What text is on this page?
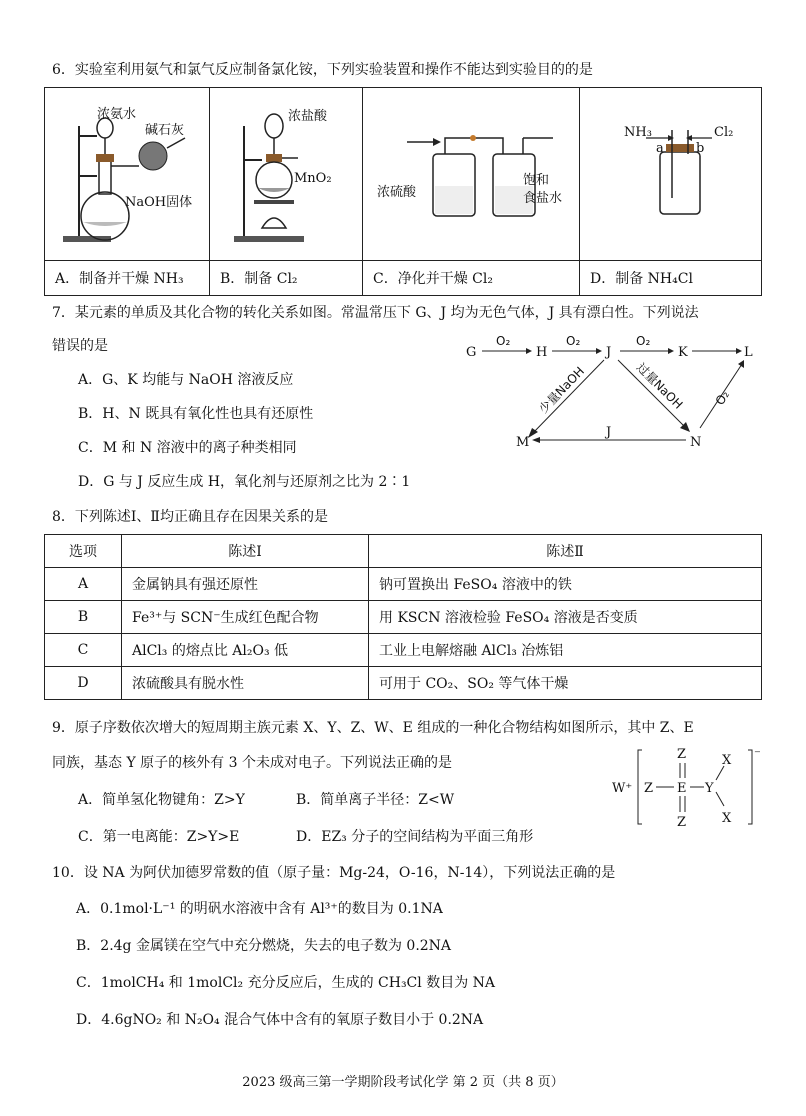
6．实验室利用氨气和氯气反应制备氯化铵，下列实验装置和操作不能达到实验目的的是
浓氨水
碱石灰
NaOH固体	浓盐酸
MnO₂	浓硫酸
饱和
食盐水	NH₃ Cl₂
a b

A．制备并干燥 NH₃	B．制备 Cl₂	C．净化并干燥 Cl₂	D．制备 NH₄Cl
7．某元素的单质及其化合物的转化关系如图。常温常压下 G、J 均为无色气体，J 具有漂白性。下列说法
错误的是
A．G、K 均能与 NaOH 溶液反应
B．H、N 既具有氧化性也具有还原性
C．M 和 N 溶液中的离子种类相同
D．G 与 J 反应生成 H，氧化剂与还原剂之比为 2∶1
G
O₂
H
O₂
J
O₂
K	L
少量NaOH	过量NaOH O₂
J
M	N
8．下列陈述Ⅰ、Ⅱ均正确且存在因果关系的是
选项	陈述Ⅰ	陈述Ⅱ
A	金属钠具有强还原性	钠可置换出 FeSO₄ 溶液中的铁
B	Fe³⁺与 SCN⁻生成红色配合物	用 KSCN 溶液检验 FeSO₄ 溶液是否变质
C	AlCl₃ 的熔点比 Al₂O₃ 低	工业上电解熔融 AlCl₃ 冶炼铝
D	浓硫酸具有脱水性	可用于 CO₂、SO₂ 等气体干燥
9．原子序数依次增大的短周期主族元素 X、Y、Z、W、E 组成的一种化合物结构如图所示，其中 Z、E
同族，基态 Y 原子的核外有 3 个未成对电子。下列说法正确的是
A．简单氢化物键角：Z>Y	B．简单离子半径：Z<W
C．第一电离能：Z>Y>E	D．EZ₃ 分子的空间结构为平面三角形
W⁺
⁻
Z E
Z
Z
Y
X
X
10．设 NA 为阿伏加德罗常数的值（原子量：Mg-24，O-16，N-14），下列说法正确的是
A．0.1mol·L⁻¹ 的明矾水溶液中含有 Al³⁺的数目为 0.1NA
B．2.4g 金属镁在空气中充分燃烧，失去的电子数为 0.2NA
C．1molCH₄ 和 1molCl₂ 充分反应后，生成的 CH₃Cl 数目为 NA
D．4.6gNO₂ 和 N₂O₄ 混合气体中含有的氧原子数目小于 0.2NA
2023 级高三第一学期阶段考试化学 第 2 页（共 8 页）
